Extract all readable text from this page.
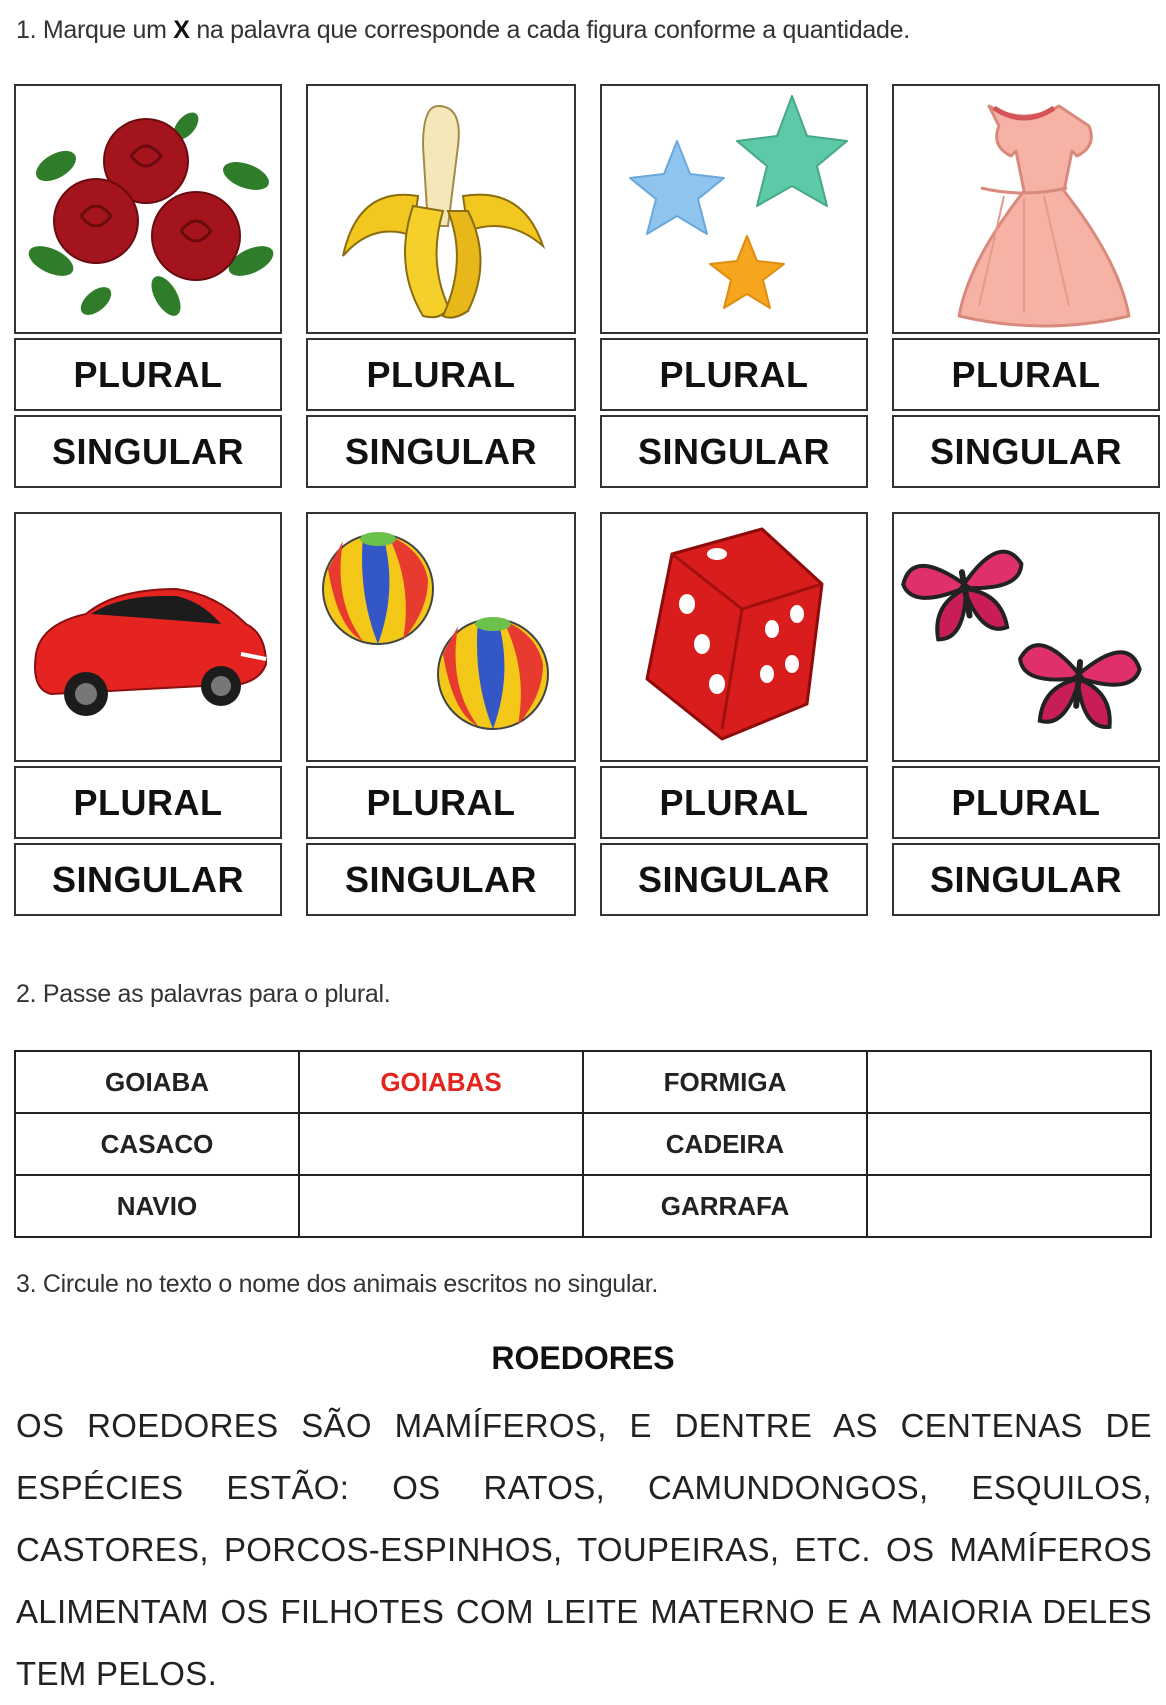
1. Marque um X na palavra que corresponde a cada figura conforme a quantidade.
PLURAL
SINGULAR
PLURAL
SINGULAR
PLURAL
SINGULAR
PLURAL
SINGULAR
PLURAL
SINGULAR
PLURAL
SINGULAR
PLURAL
SINGULAR
PLURAL
SINGULAR
2. Passe as palavras para o plural.
GOIABA	GOIABAS	FORMIGA	
CASACO		CADEIRA	
NAVIO		GARRAFA	
3. Circule no texto o nome dos animais escritos no singular.
ROEDORES
OS ROEDORES SÃO MAMÍFEROS, E DENTRE AS CENTENAS DE ESPÉCIES ESTÃO: OS RATOS, CAMUNDONGOS, ESQUILOS, CASTORES, PORCOS-ESPINHOS, TOUPEIRAS, ETC. OS MAMÍFEROS ALIMENTAM OS FILHOTES COM LEITE MATERNO E A MAIORIA DELES TEM PELOS.
